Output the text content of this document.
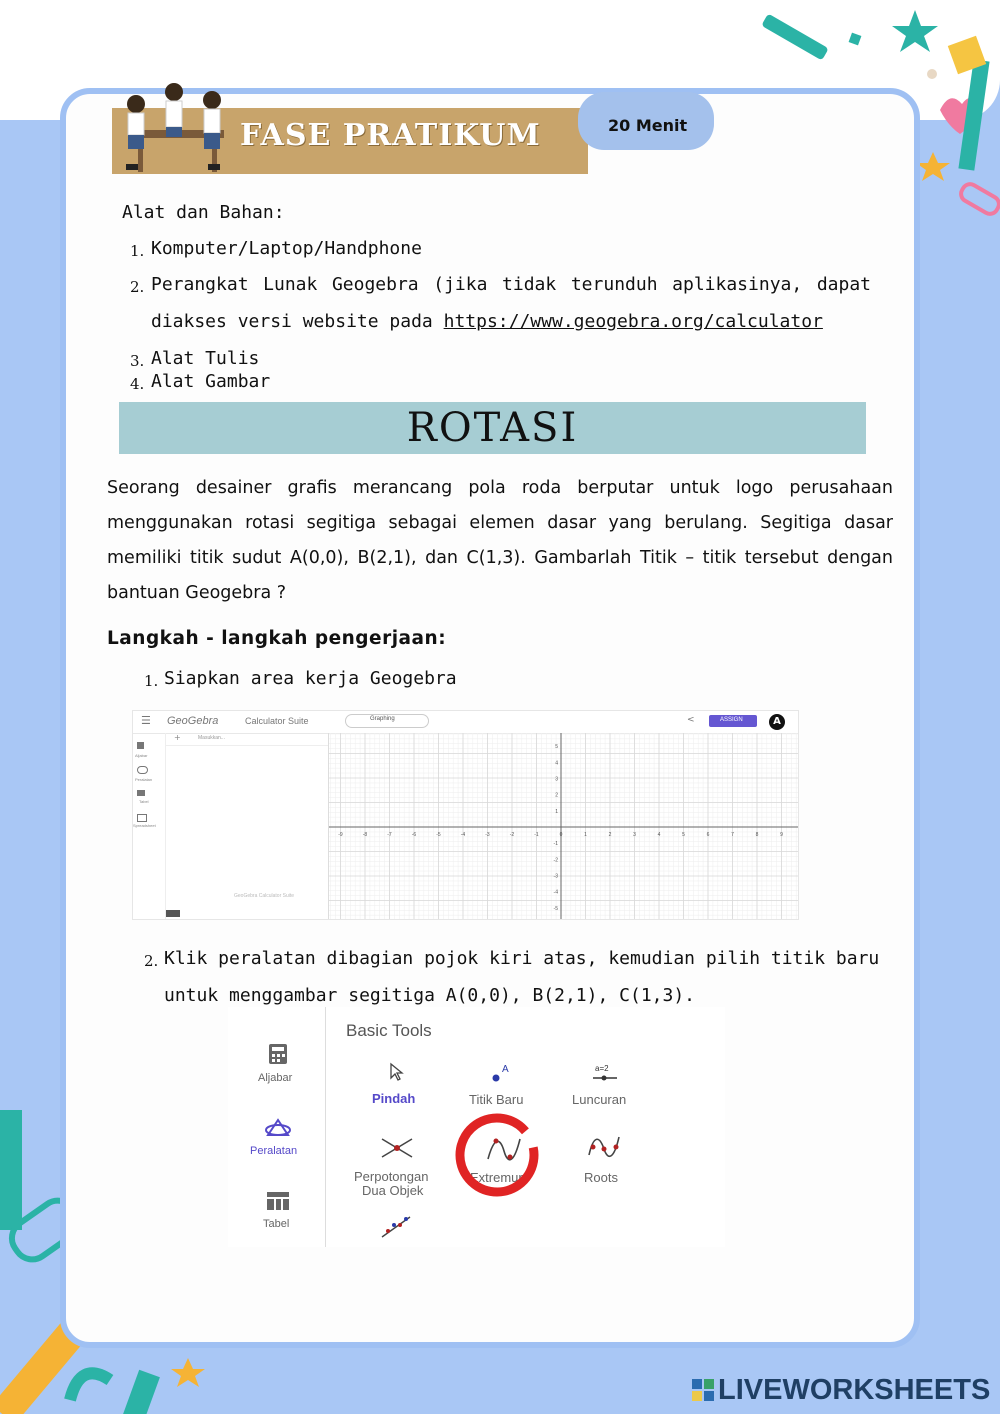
FASE PRATIKUM	20 Menit
Alat dan Bahan:
1. Komputer/Laptop/Handphone
2. Perangkat Lunak Geogebra (jika tidak terunduh aplikasinya, dapat
diakses versi website pada https://www.geogebra.org/calculator
3. Alat Tulis
4. Alat Gambar
ROTASI
Seorang desainer grafis merancang pola roda berputar untuk logo perusahaan menggunakan rotasi segitiga sebagai elemen dasar yang berulang. Segitiga dasar memiliki titik sudut A(0,0), B(2,1), dan C(1,3). Gambarlah Titik – titik tersebut dengan bantuan Geogebra ?
Langkah - langkah pengerjaan:
1. Siapkan area kerja Geogebra
☰ GeoGebra	Calculator Suite	Graphing	<	ASSIGN	A
Aljabar
Peralatan
Tabel
Spreadsheet
+	Masukkan...
GeoGebra Calculator Suite
-9	-8	-7	-6	-5	-4	-3	-2	-1	0	1	2	3	4	5	6	7	8	9
5
4
3
2
1
-1
-2
-3
-4
-5
2. Klik peralatan dibagian pojok kiri atas, kemudian pilih titik baru
untuk menggambar segitiga A(0,0), B(2,1), C(1,3).
Aljabar
Peralatan
Tabel
Basic Tools
Pindah
A
Titik Baru
a=2
Luncuran
Perpotongan
Dua Objek
Extremum	Roots
LIVEWORKSHEETS
